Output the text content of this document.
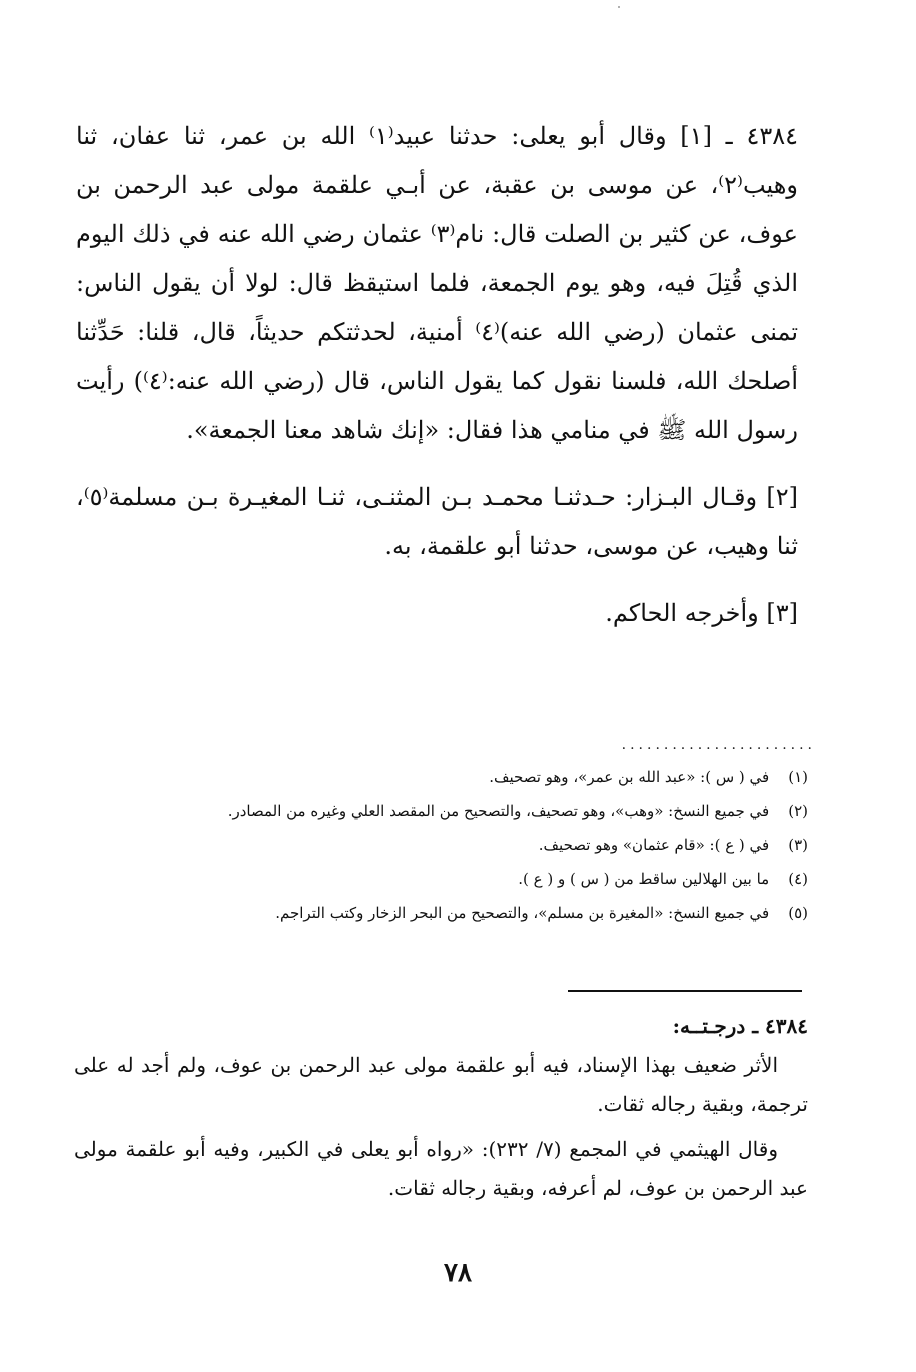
٤٣٨٤ ـ [١] وقال أبو يعلى: حدثنا عبيد⁽١⁾ الله بن عمر، ثنا عفان، ثنا وهيب⁽٢⁾، عن موسى بن عقبة، عن أبـي علقمة مولى عبد الرحمن بن عوف، عن كثير بن الصلت قال: نام⁽٣⁾ عثمان رضي الله عنه في ذلك اليوم الذي قُتِلَ فيه، وهو يوم الجمعة، فلما استيقظ قال: لولا أن يقول الناس: تمنى عثمان (رضي الله عنه)⁽٤⁾ أمنية، لحدثتكم حديثاً، قال، قلنا: حَدِّثنا أصلحك الله، فلسنا نقول كما يقول الناس، قال (رضي الله عنه:⁽٤⁾) رأيت رسول الله ﷺ في منامي هذا فقال: «إنك شاهد معنا الجمعة».

[٢] وقـال البـزار: حـدثنـا محمـد بـن المثنـى، ثنـا المغيـرة بـن مسلمة⁽٥⁾، ثنا وهيب، عن موسى، حدثنا أبو علقمة، به.

[٣] وأخرجه الحاكم.

.......................
(١) في ( س ): «عبد الله بن عمر»، وهو تصحيف.
(٢) في جميع النسخ: «وهب»، وهو تصحيف، والتصحيح من المقصد العلي وغيره من المصادر.
(٣) في ( ع ): «قام عثمان» وهو تصحيف.
(٤) ما بين الهلالين ساقط من ( س ) و ( ع ).
(٥) في جميع النسخ: «المغيرة بن مسلم»، والتصحيح من البحر الزخار وكتب التراجم.

٤٣٨٤ ـ درجـتــه:

الأثر ضعيف بهذا الإسناد، فيه أبو علقمة مولى عبد الرحمن بن عوف، ولم أجد له على ترجمة، وبقية رجاله ثقات.

وقال الهيثمي في المجمع (٧/ ٢٣٢): «رواه أبو يعلى في الكبير، وفيه أبو علقمة مولى عبد الرحمن بن عوف، لم أعرفه، وبقية رجاله ثقات.

٧٨
